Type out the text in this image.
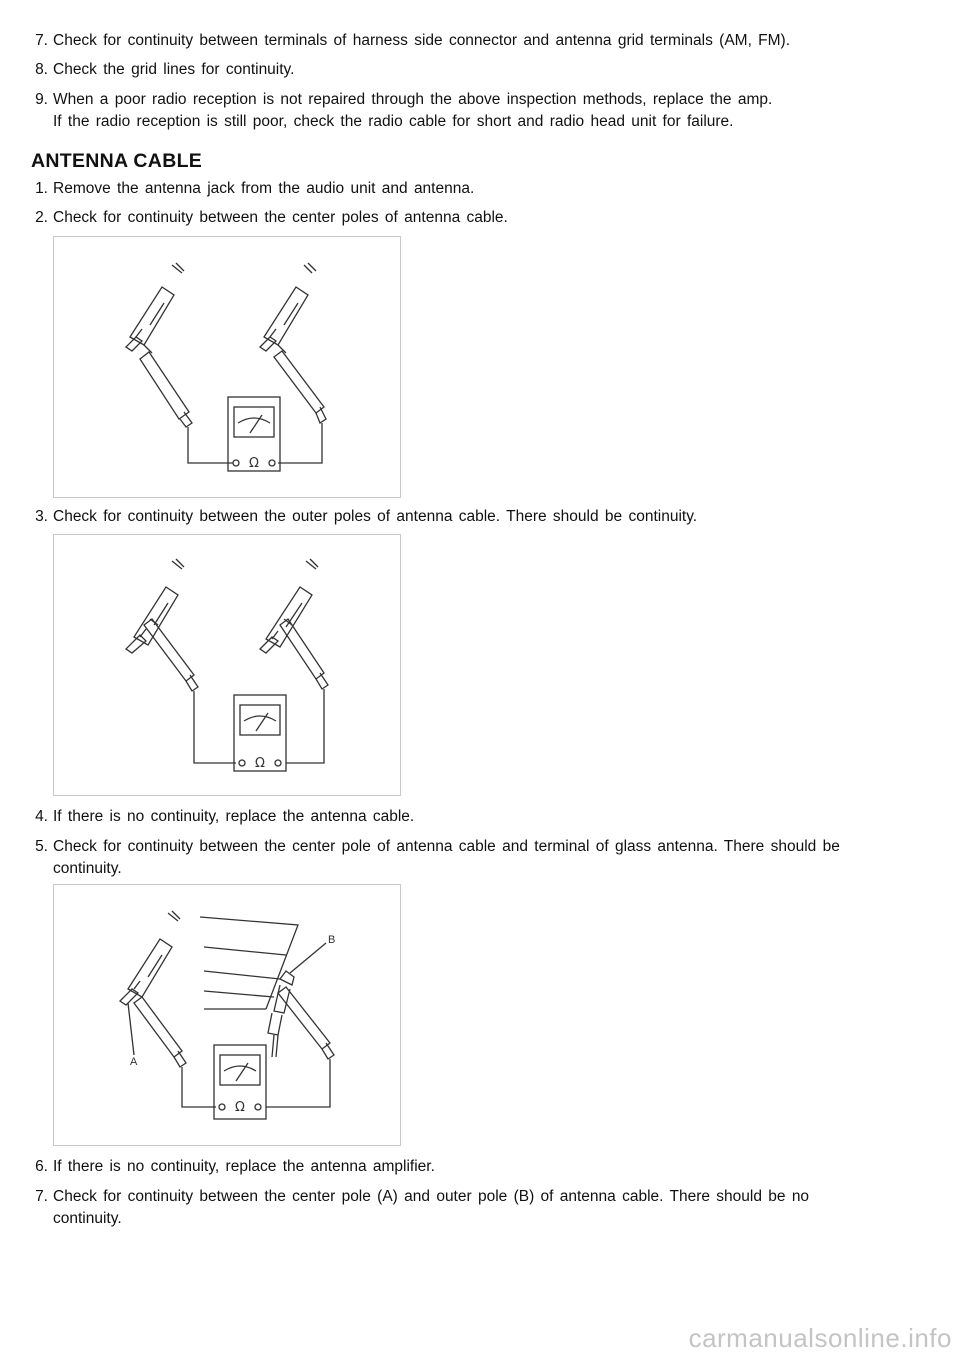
7. Check for continuity between terminals of harness side connector and antenna grid terminals (AM, FM).
8. Check the grid lines for continuity.
9. When a poor radio reception is not repaired through the above inspection methods, replace the amp.
If the radio reception is still poor, check the radio cable for short and radio head unit for failure.
ANTENNA CABLE
1. Remove the antenna jack from the audio unit and antenna.
2. Check for continuity between the center poles of antenna cable.
Ω
3. Check for continuity between the outer poles of antenna cable. There should be continuity.
Ω
4. If there is no continuity, replace the antenna cable.
5. Check for continuity between the center pole of antenna cable and terminal of glass antenna. There should be
continuity.
B
A
Ω
6. If there is no continuity, replace the antenna amplifier.
7. Check for continuity between the center pole (A) and outer pole (B) of antenna cable. There should be no
continuity.
carmanualsonline.info
